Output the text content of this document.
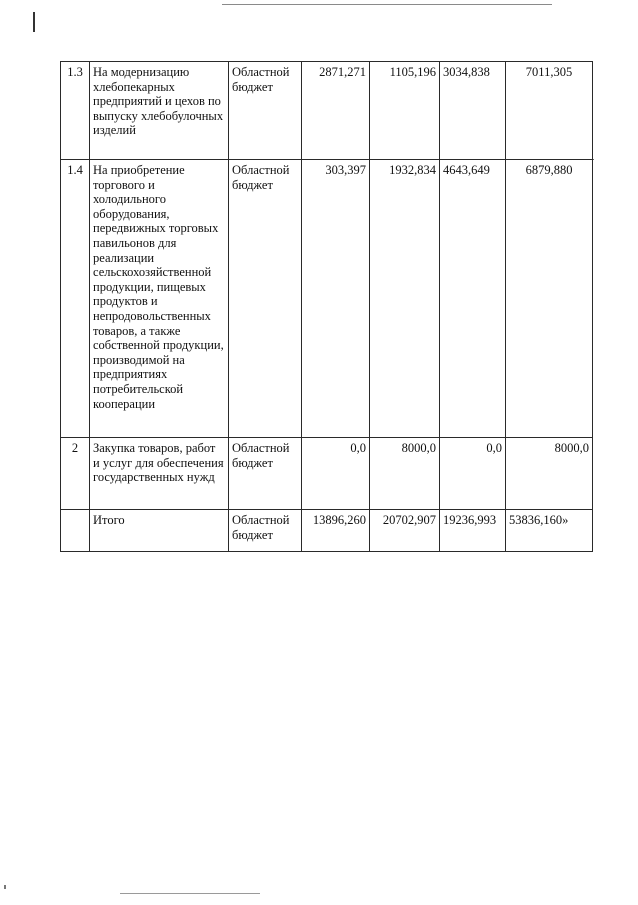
1.3	На модернизацию хлебопекарных предприятий и цехов по выпуску хлебобулочных изделий	Областной бюджет	2871,271	1105,196	3034,838	7011,305
1.4	На приобретение торгового и холодильного оборудования, передвижных торговых павильонов для реализации сельскохозяйственной продукции, пищевых продуктов и непродовольственных товаров, а также собственной продукции, производимой на предприятиях потребительской кооперации	Областной бюджет	303,397	1932,834	4643,649	6879,880
2	Закупка товаров, работ и услуг для обеспечения государственных нужд	Областной бюджет	0,0	8000,0	0,0	8000,0
	Итого	Областной бюджет	13896,260	20702,907	19236,993	53836,160»
